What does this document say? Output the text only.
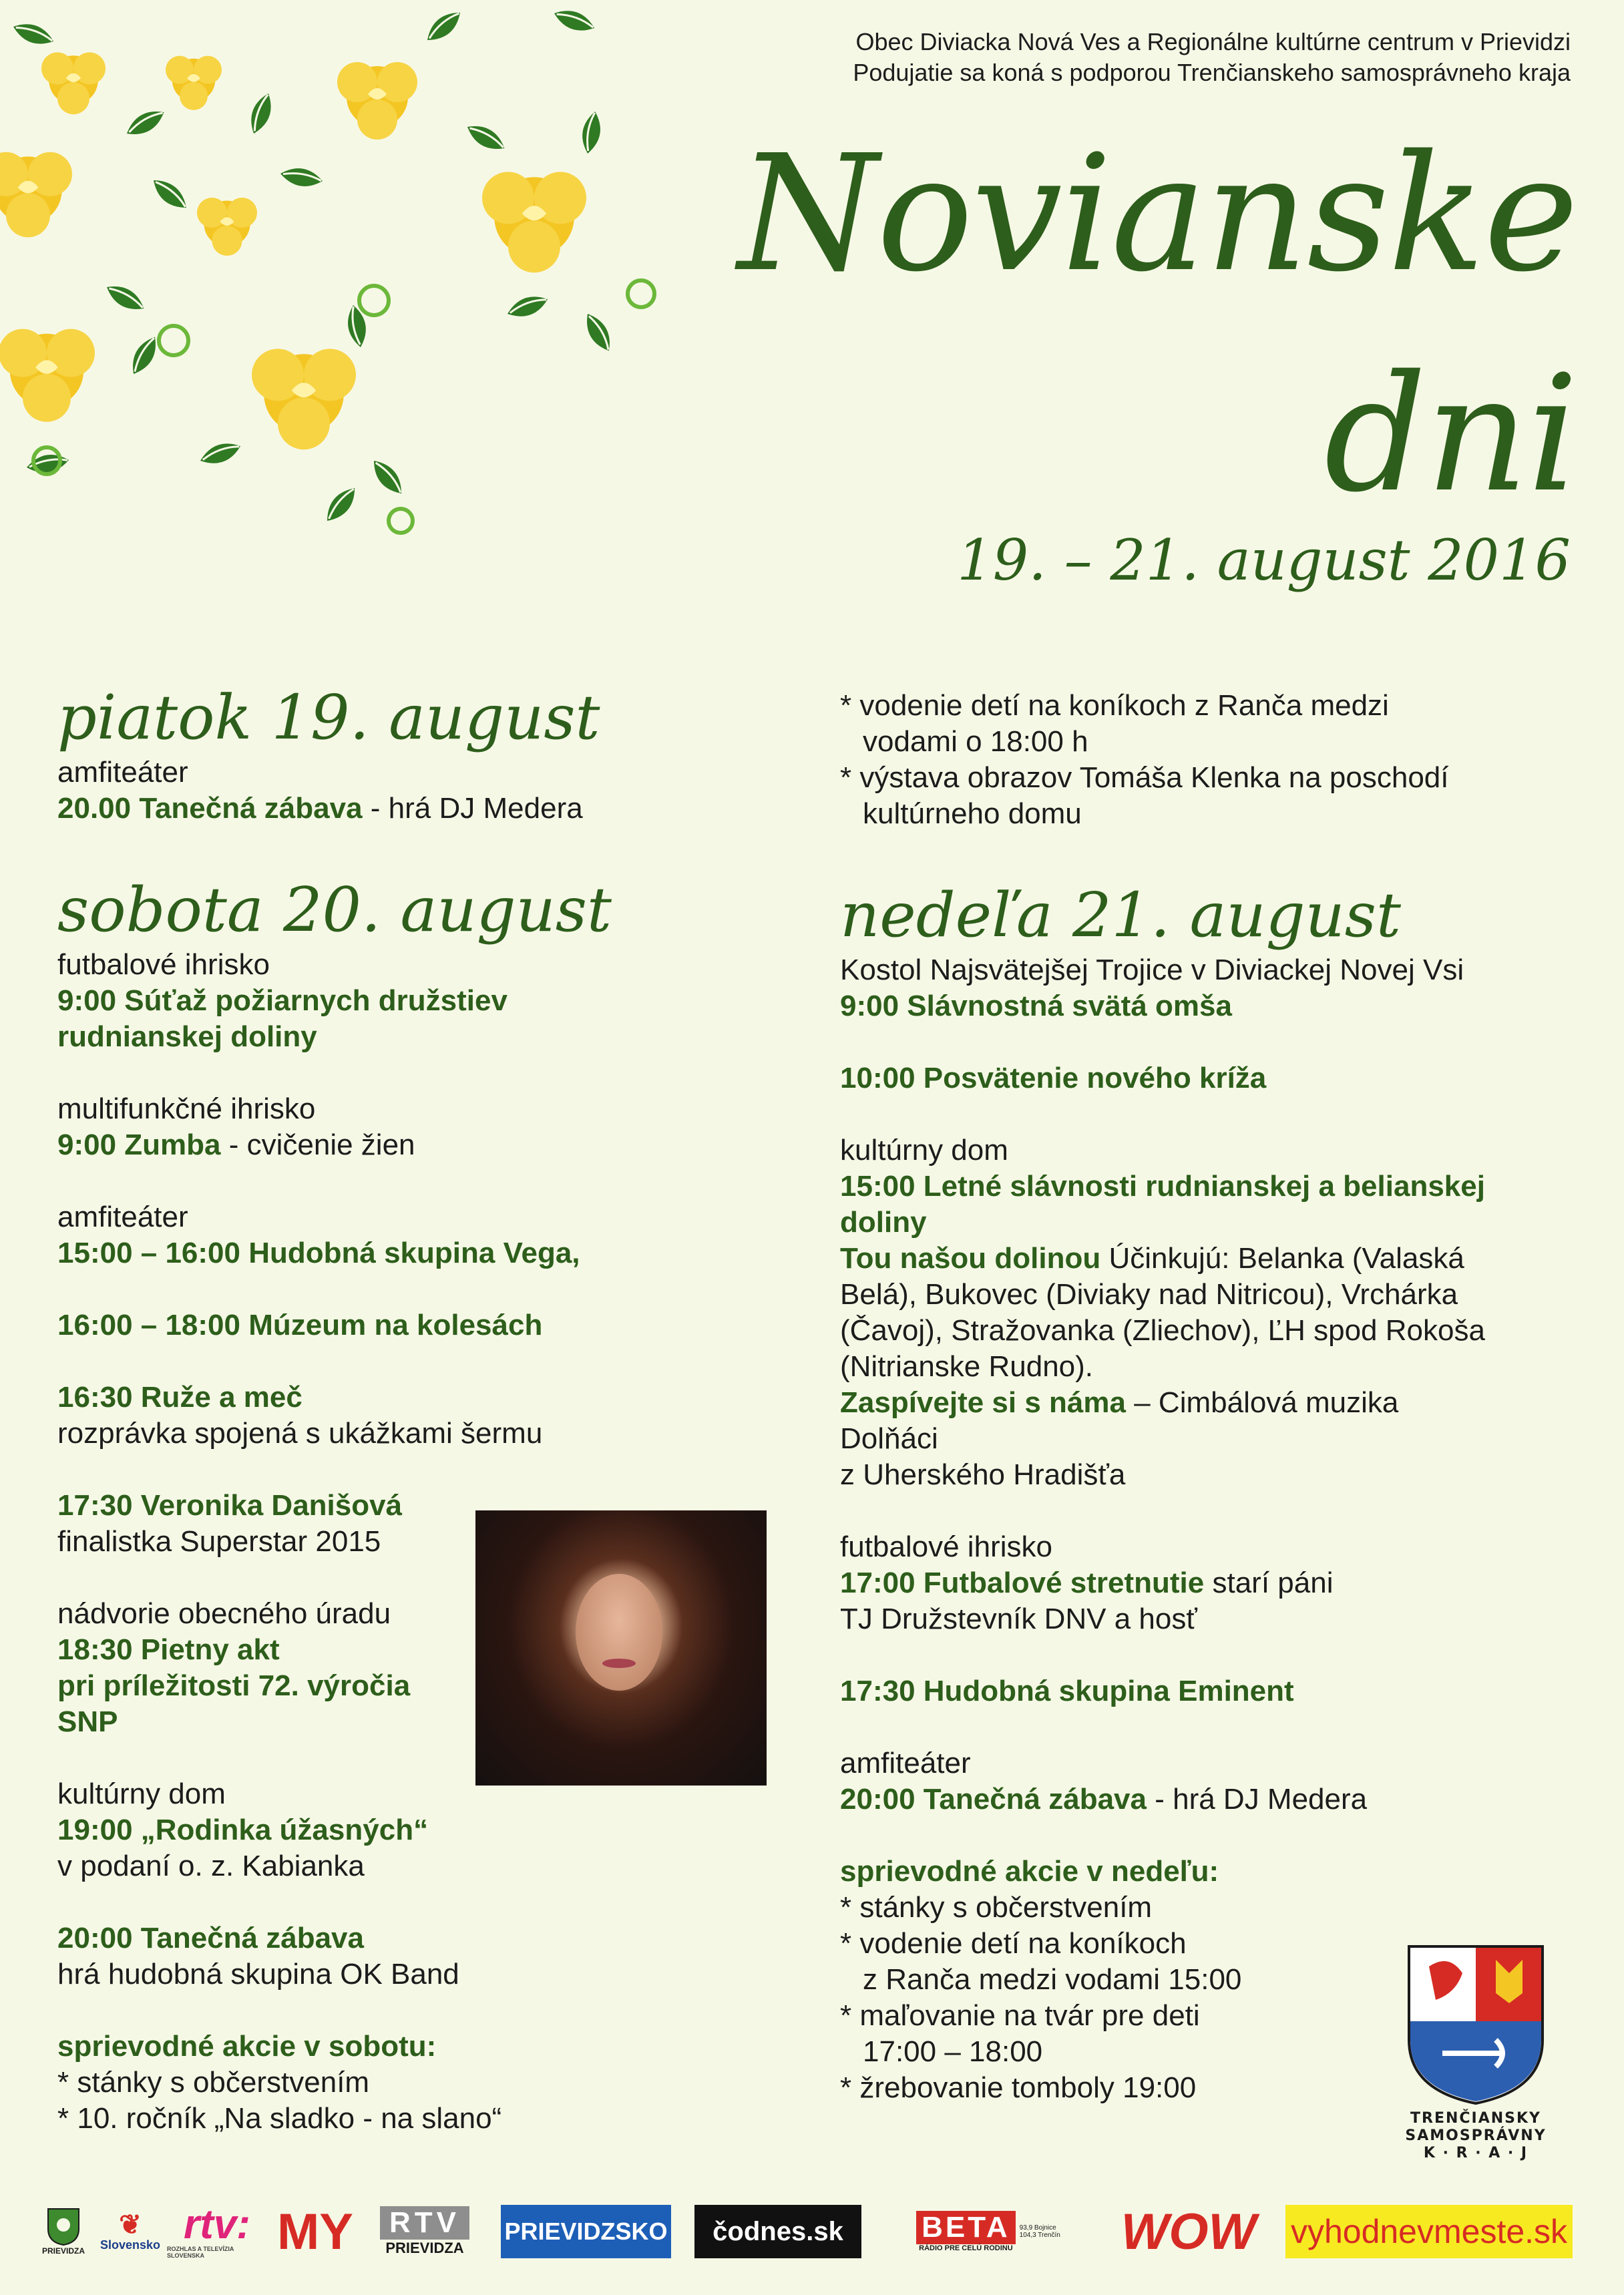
Obec Diviacka Nová Ves a Regionálne kultúrne centrum v Prievidzi
Podujatie sa koná s podporou Trenčianskeho samosprávneho kraja
Novianske
dni
19. – 21. august 2016
piatok 19. august

amfiteáter

20.00 Tanečná zábava - hrá DJ Medera

sobota 20. august

futbalové ihrisko

9:00 Súťaž požiarnych družstiev

rudnianskej doliny

multifunkčné ihrisko

9:00 Zumba - cvičenie žien

amfiteáter

15:00 – 16:00 Hudobná skupina Vega,

16:00 – 18:00 Múzeum na kolesách

16:30 Ruže a meč

rozprávka spojená s ukážkami šermu

17:30 Veronika Danišová

finalistka Superstar 2015

nádvorie obecného úradu

18:30 Pietny akt

pri príležitosti 72. výročia

SNP

kultúrny dom

19:00 „Rodinka úžasných“

v podaní o. z. Kabianka

20:00 Tanečná zábava

hrá hudobná skupina OK Band

sprievodné akcie v sobotu:

* stánky s občerstvením

* 10. ročník „Na sladko - na slano“

* vodenie detí na koníkoch z Ranča medzi

vodami o 18:00 h

* výstava obrazov Tomáša Klenka na poschodí

kultúrneho domu

nedeľa 21. august

Kostol Najsvätejšej Trojice v Diviackej Novej Vsi

9:00 Slávnostná svätá omša

10:00 Posvätenie nového kríža

kultúrny dom

15:00 Letné slávnosti rudnianskej a belianskej

doliny

Tou našou dolinou Účinkujú: Belanka (Valaská

Belá), Bukovec (Diviaky nad Nitricou), Vrchárka

(Čavoj), Stražovanka (Zliechov), ĽH spod Rokoša

(Nitrianske Rudno).

Zaspívejte si s náma – Cimbálová muzika

Dolňáci

z Uherského Hradišťa

futbalové ihrisko

17:00 Futbalové stretnutie starí páni

TJ Družstevník DNV a hosť

17:30 Hudobná skupina Eminent

amfiteáter

20:00 Tanečná zábava - hrá DJ Medera

sprievodné akcie v nedeľu:

* stánky s občerstvením

* vodenie detí na koníkoch

z Ranča medzi vodami 15:00

* maľovanie na tvár pre deti

17:00 – 18:00

* žrebovanie tomboly 19:00

TRENČIANSKY
SAMOSPRÁVNY
K · R · A · J
PRIEVIDZA
❦
Slovensko rtv:
ROZHLAS A TELEVÍZIA SLOVENSKA	MY	RTV
PRIEVIDZA
PRIEVIDZSKO čodnes.sk	BETA
RÁDIO PRE CELÚ RODINU
93,9 Bojnice
104,3 Trenčín WOW vyhodnevmeste.sk
